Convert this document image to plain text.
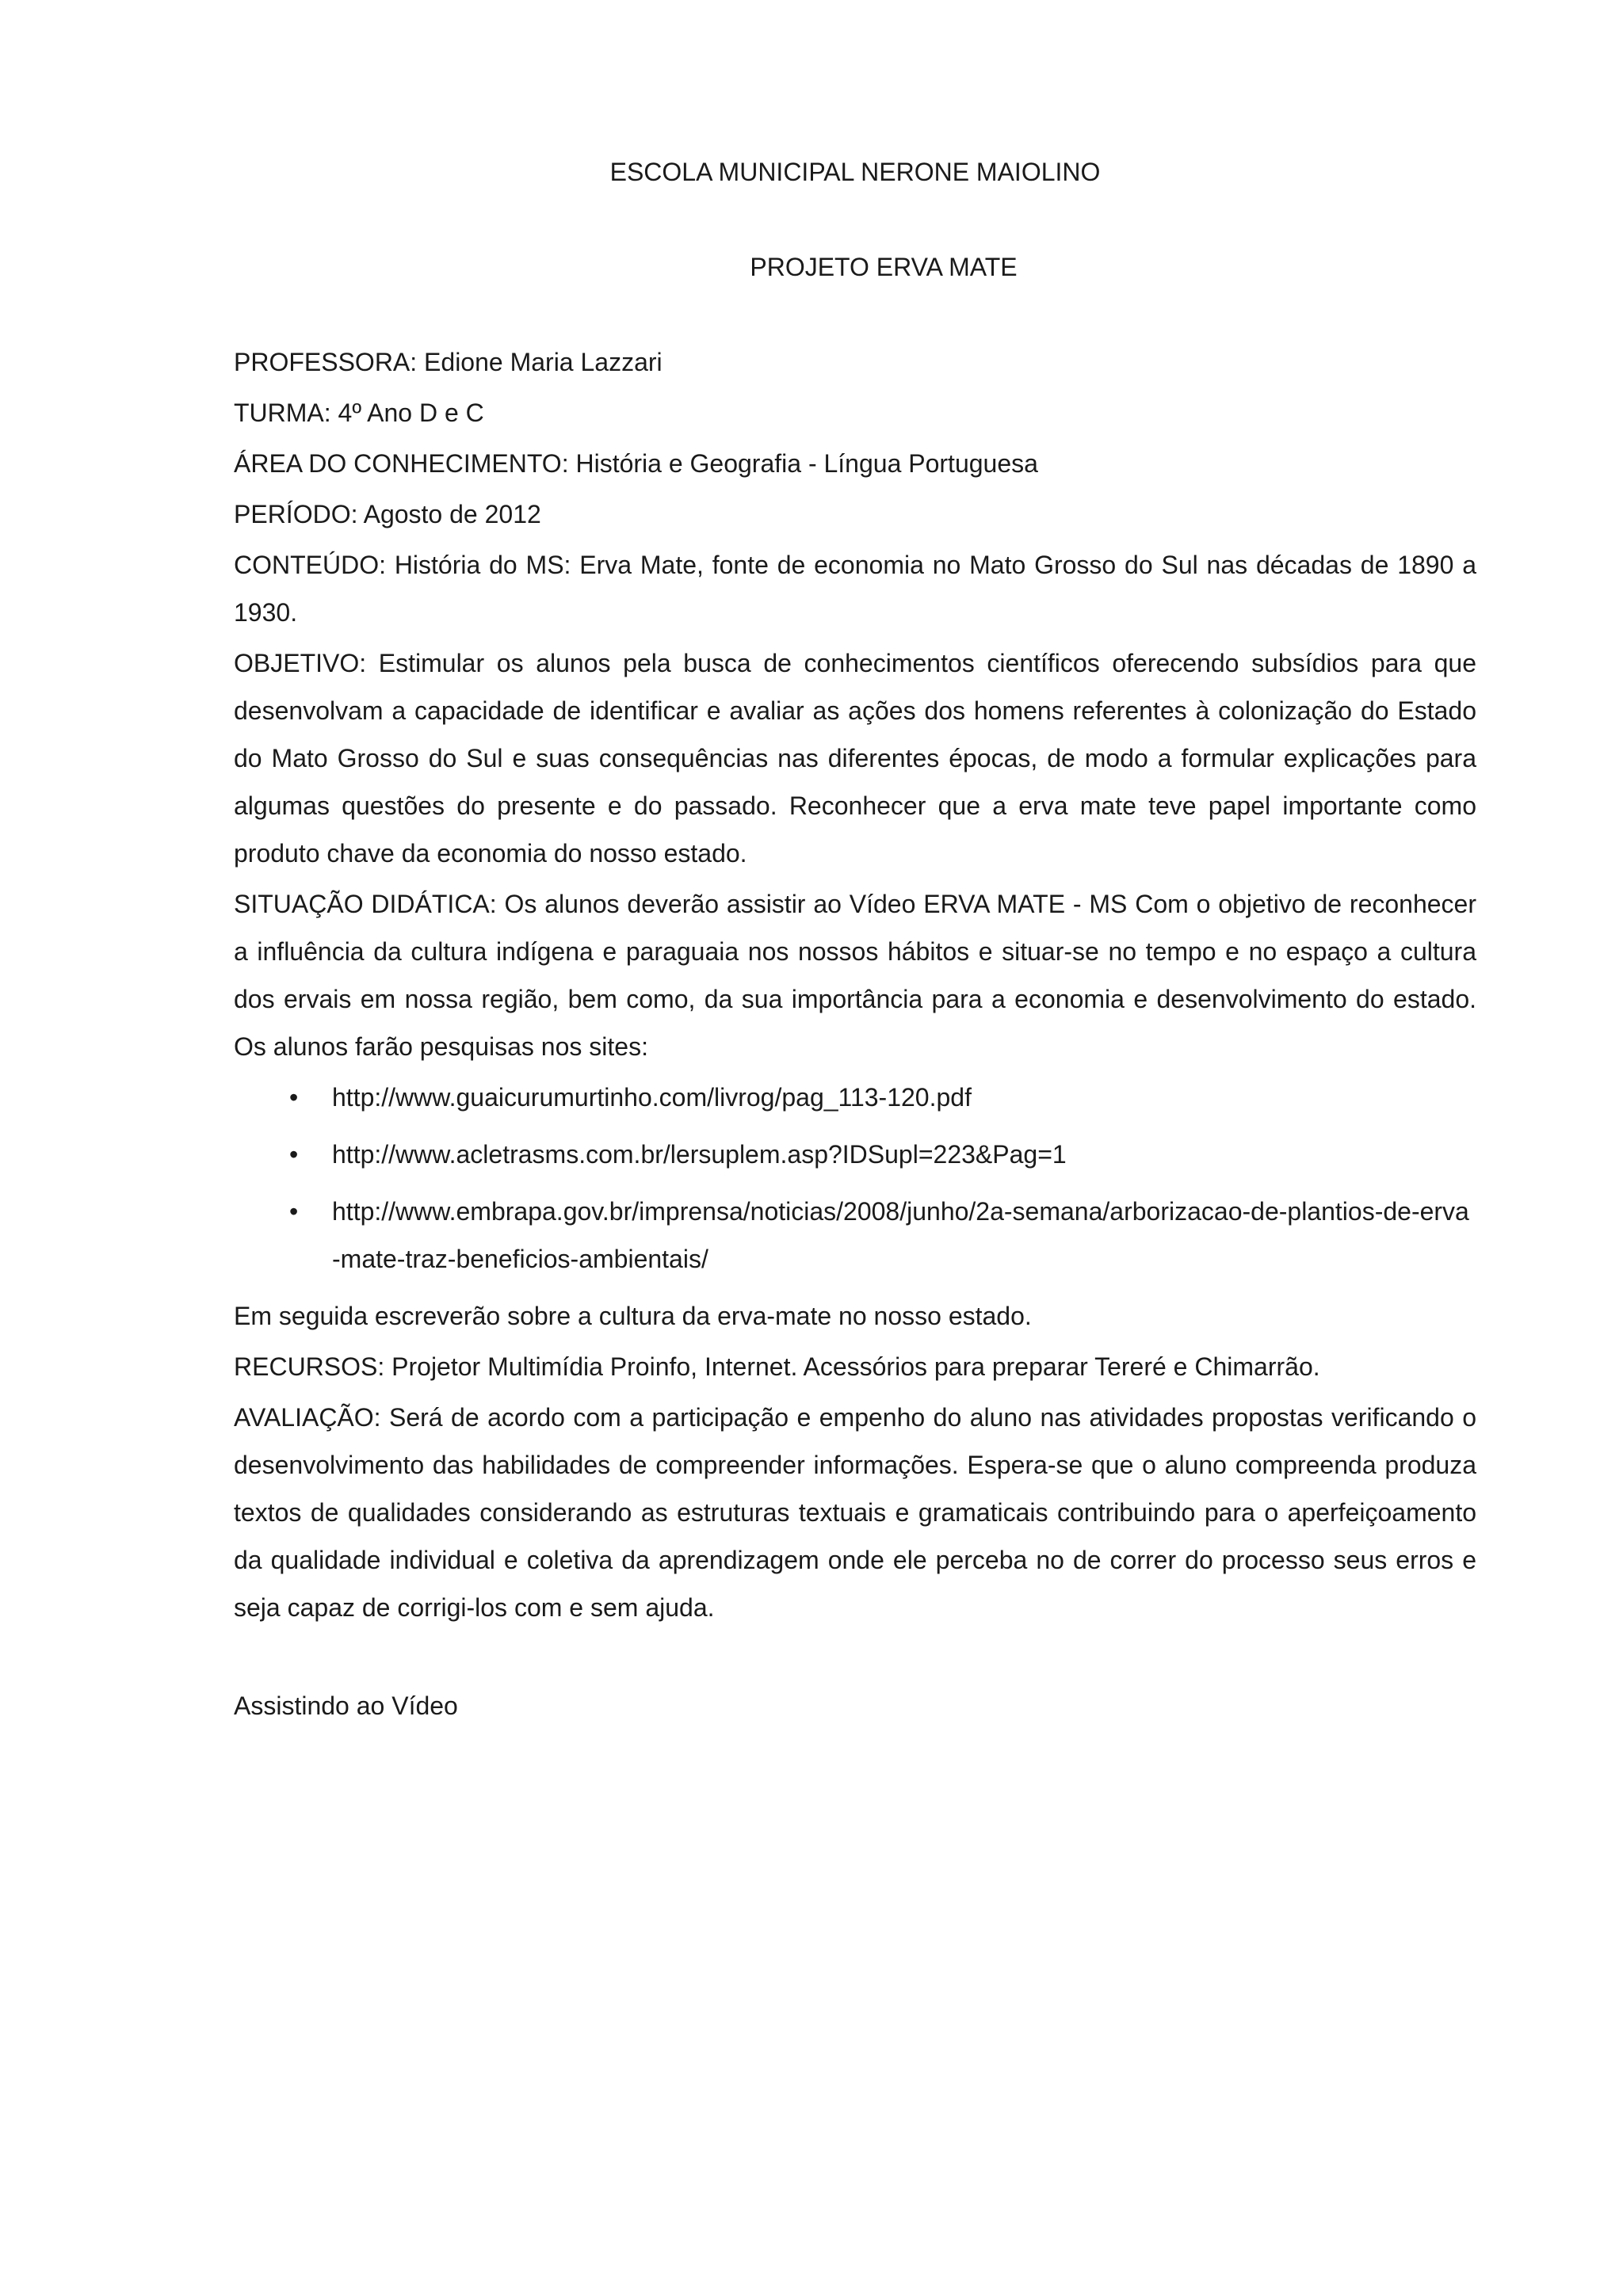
ESCOLA MUNICIPAL NERONE MAIOLINO
PROJETO ERVA MATE

PROFESSORA: Edione Maria Lazzari

TURMA: 4º Ano D e C

ÁREA DO CONHECIMENTO: História e Geografia - Língua Portuguesa

PERÍODO: Agosto de 2012

CONTEÚDO: História do MS: Erva Mate, fonte de economia no Mato Grosso do Sul nas décadas de 1890 a 1930.

OBJETIVO: Estimular os alunos pela busca de conhecimentos científicos oferecendo subsídios para que desenvolvam a capacidade de identificar e avaliar as ações dos homens referentes à colonização do Estado do Mato Grosso do Sul e suas consequências nas diferentes épocas, de modo a formular explicações para algumas questões do presente e do passado. Reconhecer que a erva mate teve papel importante como produto chave da economia do nosso estado.

SITUAÇÃO DIDÁTICA: Os alunos deverão assistir ao Vídeo ERVA MATE - MS Com o objetivo de reconhecer a influência da cultura indígena e paraguaia nos nossos hábitos e situar-se no tempo e no espaço a cultura dos ervais em nossa região, bem como, da sua importância para a economia e desenvolvimento do estado. Os alunos farão pesquisas nos sites:

• http://www.guaicurumurtinho.com/livrog/pag_113-120.pdf
• http://www.acletrasms.com.br/lersuplem.asp?IDSupl=223&Pag=1
• http://www.embrapa.gov.br/imprensa/noticias/2008/junho/2a-semana/arborizacao-de-plantios-de-erva-mate-traz-beneficios-ambientais/

Em seguida escreverão sobre a cultura da erva-mate no nosso estado.

RECURSOS: Projetor Multimídia Proinfo, Internet. Acessórios para preparar Tereré e Chimarrão.

AVALIAÇÃO: Será de acordo com a participação e empenho do aluno nas atividades propostas verificando o desenvolvimento das habilidades de compreender informações. Espera-se que o aluno compreenda produza textos de qualidades considerando as estruturas textuais e gramaticais contribuindo para o aperfeiçoamento da qualidade individual e coletiva da aprendizagem onde ele perceba no de correr do processo seus erros e seja capaz de corrigi-los com e sem ajuda.

Assistindo ao Vídeo
